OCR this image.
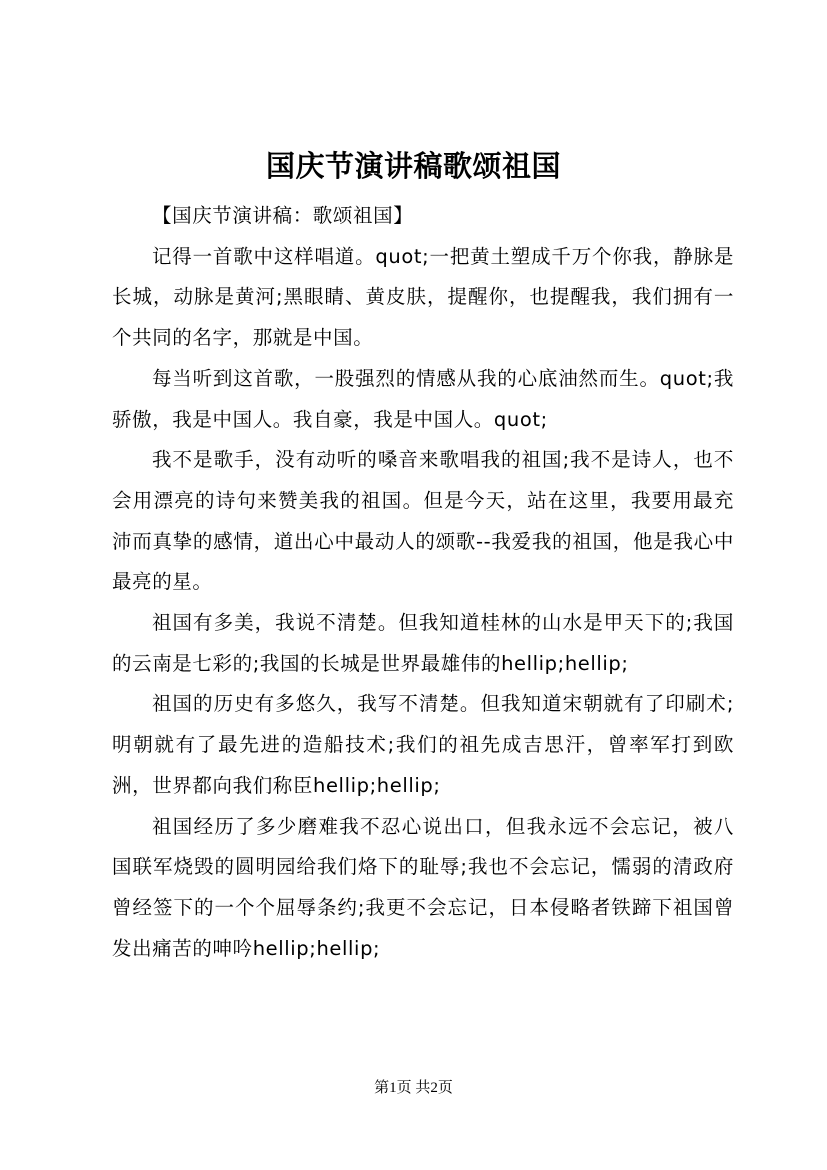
国庆节演讲稿歌颂祖国

【国庆节演讲稿：歌颂祖国】

记得一首歌中这样唱道。quot;一把黄土塑成千万个你我，静脉是长城，动脉是黄河;黑眼睛、黄皮肤，提醒你，也提醒我，我们拥有一个共同的名字，那就是中国。

每当听到这首歌，一股强烈的情感从我的心底油然而生。quot;我骄傲，我是中国人。我自豪，我是中国人。quot;

我不是歌手，没有动听的嗓音来歌唱我的祖国;我不是诗人，也不会用漂亮的诗句来赞美我的祖国。但是今天，站在这里，我要用最充沛而真挚的感情，道出心中最动人的颂歌--我爱我的祖国，他是我心中最亮的星。

祖国有多美，我说不清楚。但我知道桂林的山水是甲天下的;我国的云南是七彩的;我国的长城是世界最雄伟的hellip;hellip;

祖国的历史有多悠久，我写不清楚。但我知道宋朝就有了印刷术;明朝就有了最先进的造船技术;我们的祖先成吉思汗，曾率军打到欧洲，世界都向我们称臣hellip;hellip;

祖国经历了多少磨难我不忍心说出口，但我永远不会忘记，被八国联军烧毁的圆明园给我们烙下的耻辱;我也不会忘记，懦弱的清政府曾经签下的一个个屈辱条约;我更不会忘记，日本侵略者铁蹄下祖国曾发出痛苦的呻吟hellip;hellip;

第1页 共2页
